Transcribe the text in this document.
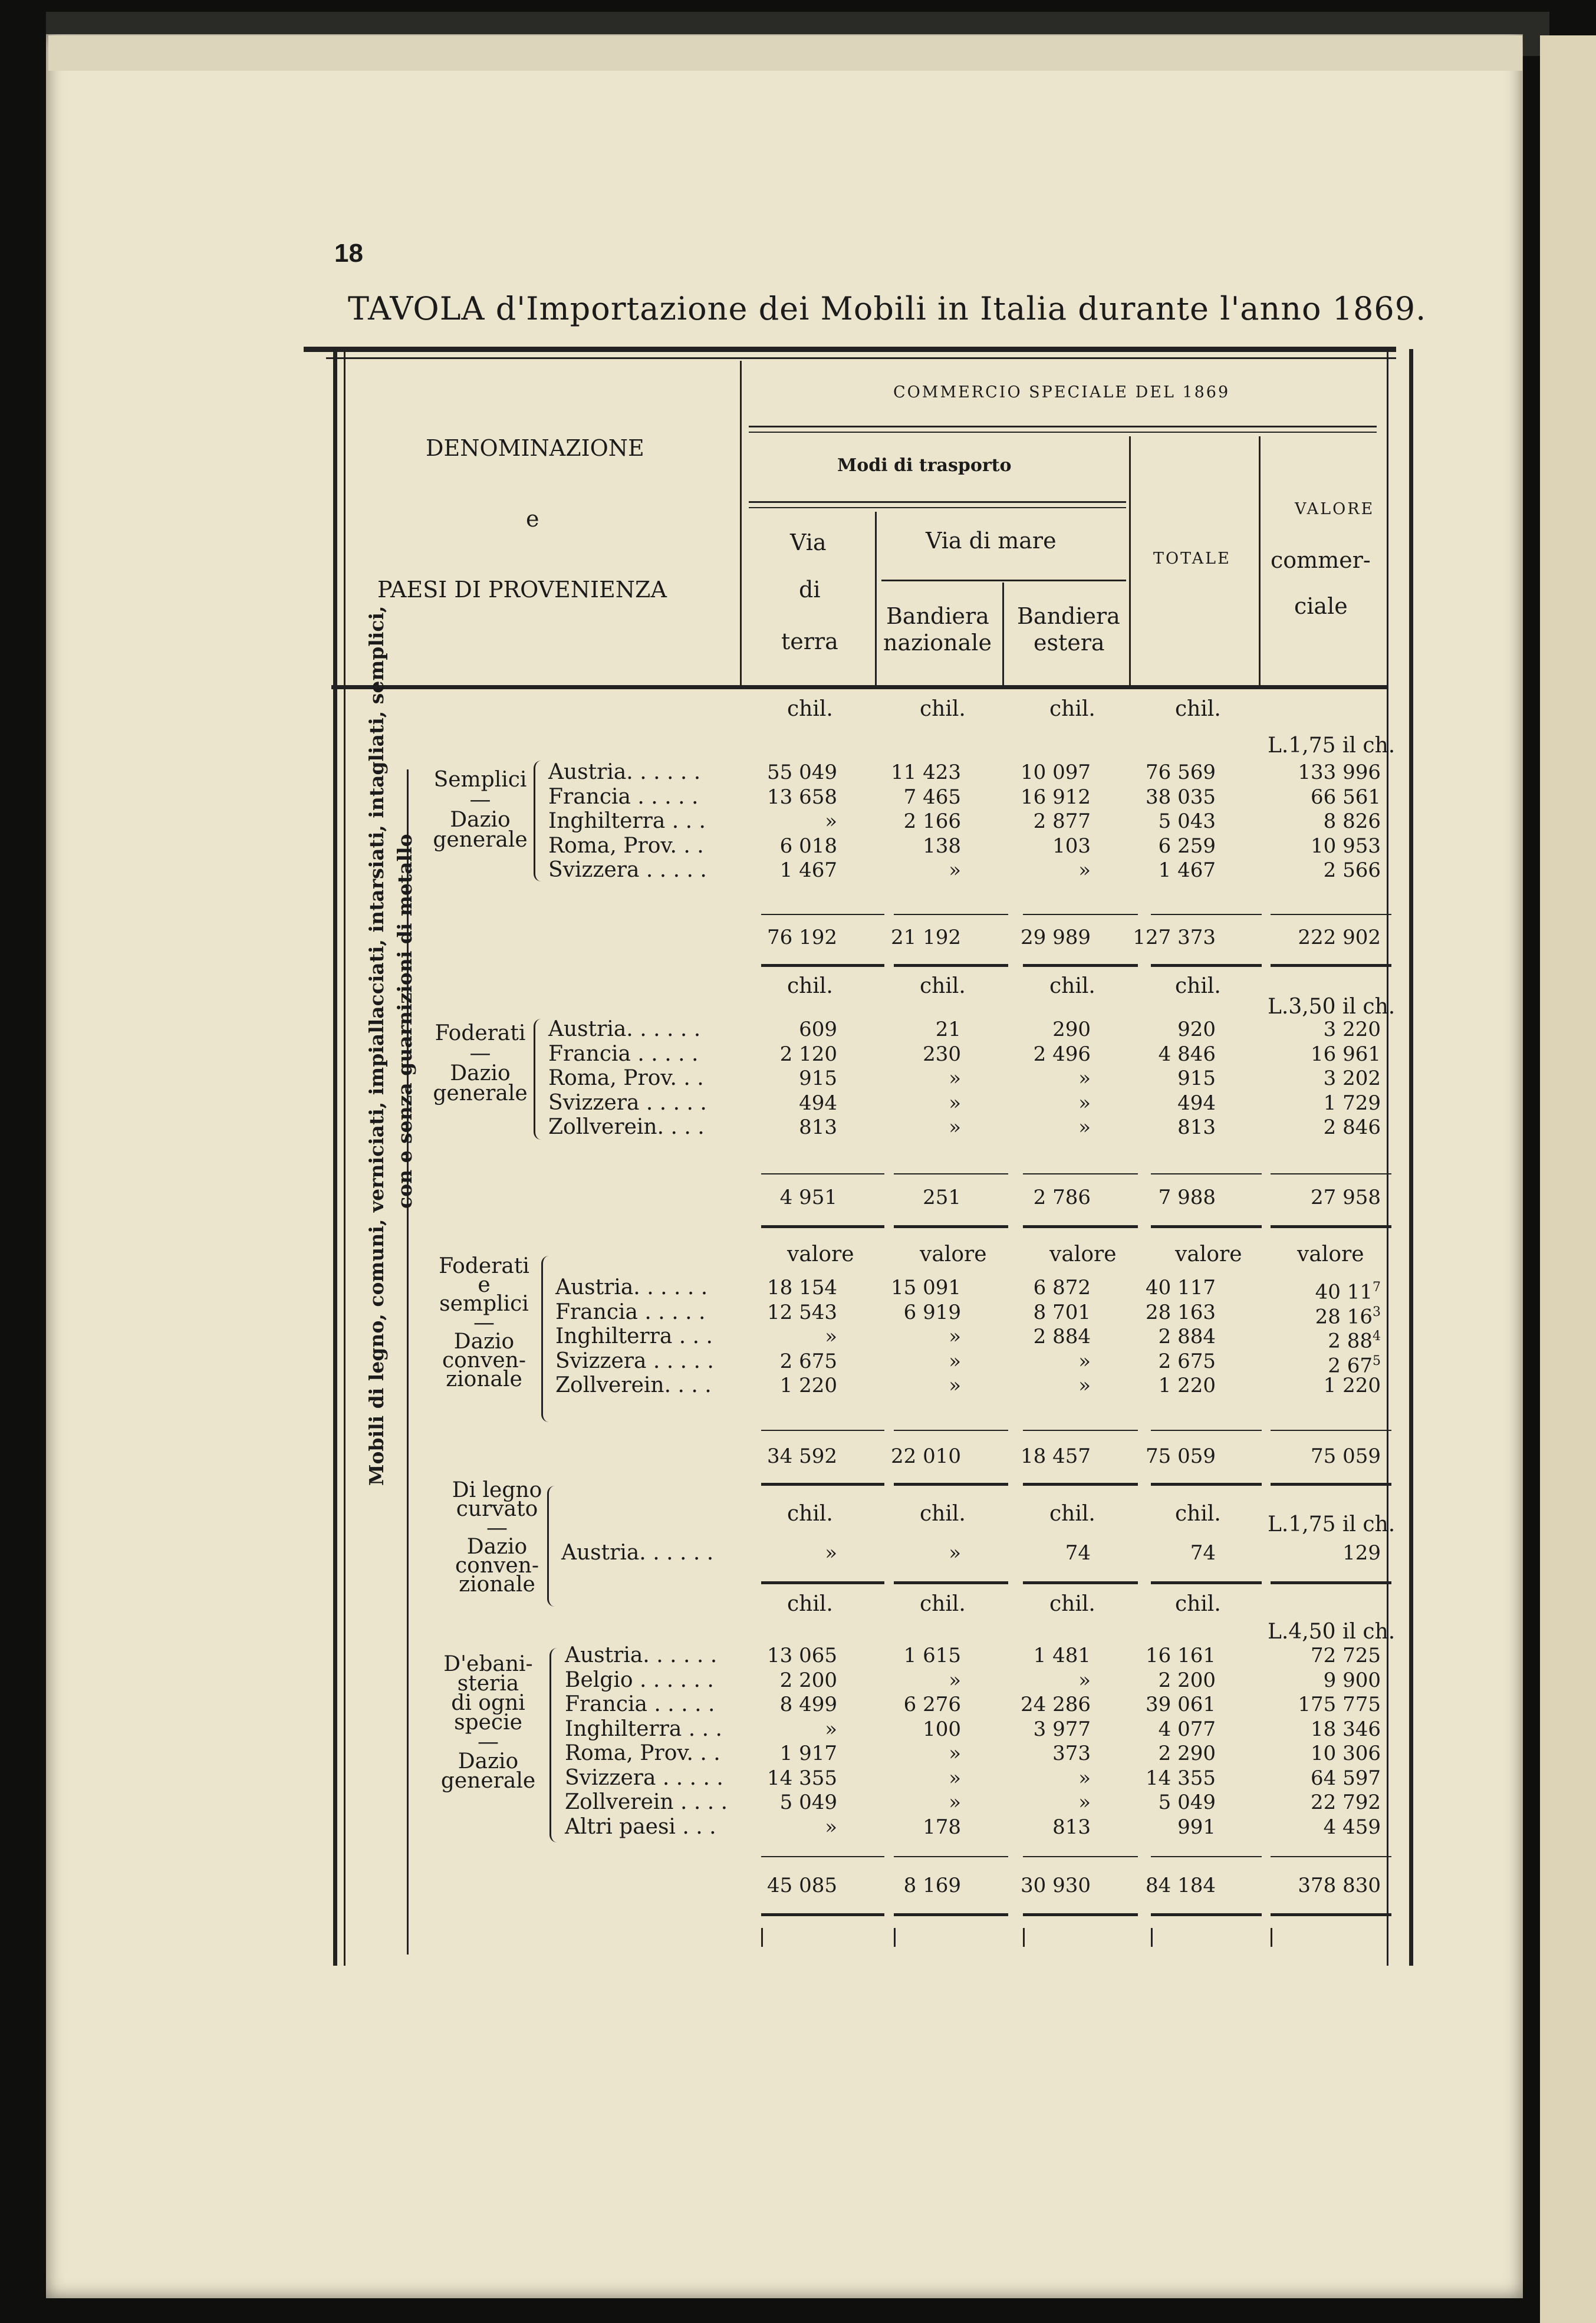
18
TAVOLA d'Importazione dei Mobili in Italia durante l'anno 1869.
DENOMINAZIONE
e
PAESI DI PROVENIENZA
COMMERCIO SPECIALE DEL 1869
Modi di trasporto
Via
di
terra
Via di mare
Bandiera
nazionale
Bandiera
estera
TOTALE
VALORE
commer-
ciale
Mobili di legno, comuni, verniciati, impiallacciati, intarsiati, intagliati, semplici, con e senza guarnizioni di metallo
Semplici
—
Dazio
generale
chil.	chil.	chil.	chil.
L.1,75 il ch.
Austria. . . . . .	55 049	11 423	10 097	76 569	133 996
Francia . . . . .	13 658	7 465	16 912	38 035	66 561
Inghilterra . . .	»	2 166	2 877	5 043	8 826
Roma, Prov. . .	6 018	138	103	6 259	10 953
Svizzera . . . . .	1 467	»	»	1 467	2 566
76 192	21 192	29 989	127 373	222 902
Foderati
—
Dazio
generale
chil.	chil.	chil.	chil.
L.3,50 il ch.
Austria. . . . . .	609	21	290	920	3 220
Francia . . . . .	2 120	230	2 496	4 846	16 961
Roma, Prov. . .	915	»	»	915	3 202
Svizzera . . . . .	494	»	»	494	1 729
Zollverein. . . .	813	»	»	813	2 846
4 951	251	2 786	7 988	27 958
Foderati
e
semplici
—
Dazio
conven-
zionale
valore	valore	valore	valore	valore
Austria. . . . . .	18 154	15 091	6 872	40 117	40 $11^7$
Francia . . . . .	12 543	6 919	8 701	28 163	28 $16^3$
Inghilterra . . .	»	»	2 884	2 884	2 $88^4$
Svizzera . . . . .	2 675	»	»	2 675	2 $67^5$
Zollverein. . . .	1 220	»	»	1 220	1 220
34 592	22 010	18 457	75 059	75 059
Di legno
curvato
—
Dazio
conven-
zionale
chil.	chil.	chil.	chil. L.1,75 il ch.
Austria. . . . . .	»	»	74	74	129
D'ebani-
steria
di ogni
specie
—
Dazio
generale
chil.	chil.	chil.	chil.
L.4,50 il ch.
Austria. . . . . .	13 065	1 615	1 481	16 161	72 725
Belgio . . . . . .	2 200	»	»	2 200	9 900
Francia . . . . .	8 499	6 276	24 286	39 061	175 775
Inghilterra . . .	»	100	3 977	4 077	18 346
Roma, Prov. . .	1 917	»	373	2 290	10 306
Svizzera . . . . .	14 355	»	»	14 355	64 597
Zollverein . . . .	5 049	»	»	5 049	22 792
Altri paesi . . .	»	178	813	991	4 459
45 085	8 169	30 930	84 184	378 830
